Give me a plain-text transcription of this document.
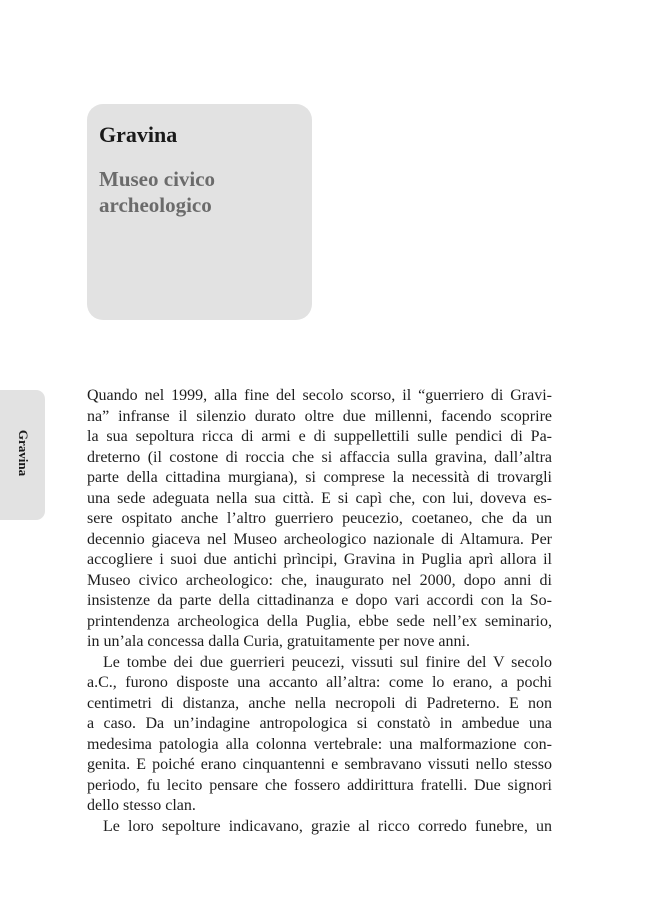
Gravina
Museo civico
archeologico
Gravina
Quando nel 1999, alla fine del secolo scorso, il “guerriero di Gravi-
na” infranse il silenzio durato oltre due millenni, facendo scoprire
la sua sepoltura ricca di armi e di suppellettili sulle pendici di Pa-
dreterno (il costone di roccia che si affaccia sulla gravina, dall’altra
parte della cittadina murgiana), si comprese la necessità di trovargli
una sede adeguata nella sua città. E si capì che, con lui, doveva es-
sere ospitato anche l’altro guerriero peucezio, coetaneo, che da un
decennio giaceva nel Museo archeologico nazionale di Altamura. Per
accogliere i suoi due antichi prìncipi, Gravina in Puglia aprì allora il
Museo civico archeologico: che, inaugurato nel 2000, dopo anni di
insistenze da parte della cittadinanza e dopo vari accordi con la So-
printendenza archeologica della Puglia, ebbe sede nell’ex seminario,
in un’ala concessa dalla Curia, gratuitamente per nove anni.
Le tombe dei due guerrieri peucezi, vissuti sul finire del V secolo
a.C., furono disposte una accanto all’altra: come lo erano, a pochi
centimetri di distanza, anche nella necropoli di Padreterno. E non
a caso. Da un’indagine antropologica si constatò in ambedue una
medesima patologia alla colonna vertebrale: una malformazione con-
genita. E poiché erano cinquantenni e sembravano vissuti nello stesso
periodo, fu lecito pensare che fossero addirittura fratelli. Due signori
dello stesso clan.
Le loro sepolture indicavano, grazie al ricco corredo funebre, un
